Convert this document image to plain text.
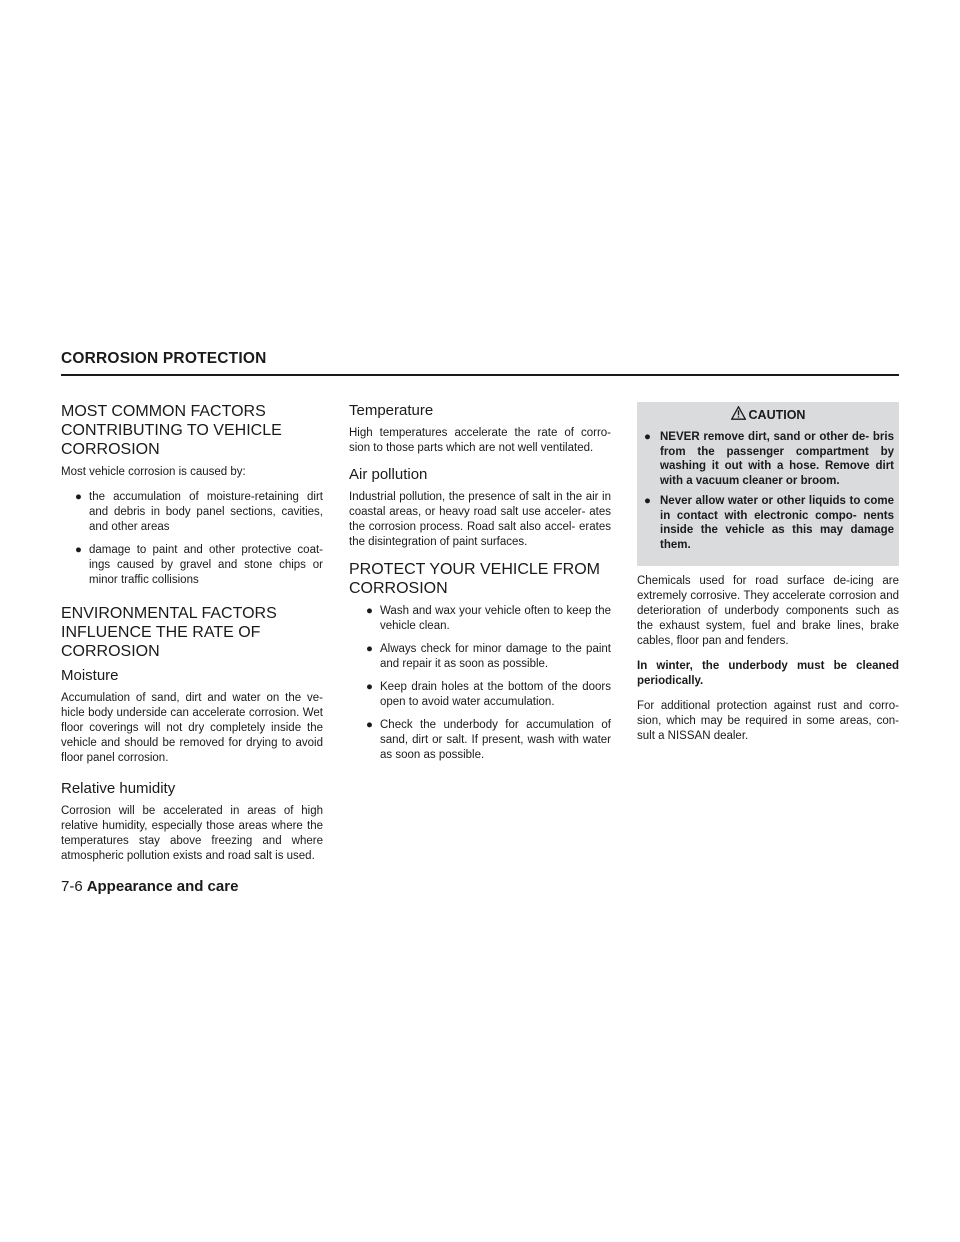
CORROSION PROTECTION
MOST COMMON FACTORS CONTRIBUTING TO VEHICLE CORROSION

Most vehicle corrosion is caused by:

● the accumulation of moisture-retaining dirt and debris in body panel sections, cavities, and other areas
● damage to paint and other protective coat- ings caused by gravel and stone chips or minor traffic collisions
ENVIRONMENTAL FACTORS INFLUENCE THE RATE OF CORROSION
Moisture

Accumulation of sand, dirt and water on the ve- hicle body underside can accelerate corrosion. Wet floor coverings will not dry completely inside the vehicle and should be removed for drying to avoid floor panel corrosion.

Relative humidity

Corrosion will be accelerated in areas of high relative humidity, especially those areas where the temperatures stay above freezing and where atmospheric pollution exists and road salt is used.

Temperature

High temperatures accelerate the rate of corro- sion to those parts which are not well ventilated.

Air pollution

Industrial pollution, the presence of salt in the air in coastal areas, or heavy road salt use acceler- ates the corrosion process. Road salt also accel- erates the disintegration of paint surfaces.

PROTECT YOUR VEHICLE FROM CORROSION
● Wash and wax your vehicle often to keep the vehicle clean.
● Always check for minor damage to the paint and repair it as soon as possible.
● Keep drain holes at the bottom of the doors open to avoid water accumulation.
● Check the underbody for accumulation of sand, dirt or salt. If present, wash with water as soon as possible.
CAUTION
● NEVER remove dirt, sand or other de- bris from the passenger compartment by washing it out with a hose. Remove dirt with a vacuum cleaner or broom.
● Never allow water or other liquids to come in contact with electronic compo- nents inside the vehicle as this may damage them.

Chemicals used for road surface de-icing are extremely corrosive. They accelerate corrosion and deterioration of underbody components such as the exhaust system, fuel and brake lines, brake cables, floor pan and fenders.

In winter, the underbody must be cleaned periodically.

For additional protection against rust and corro- sion, which may be required in some areas, con- sult a NISSAN dealer.

7-6 Appearance and care
